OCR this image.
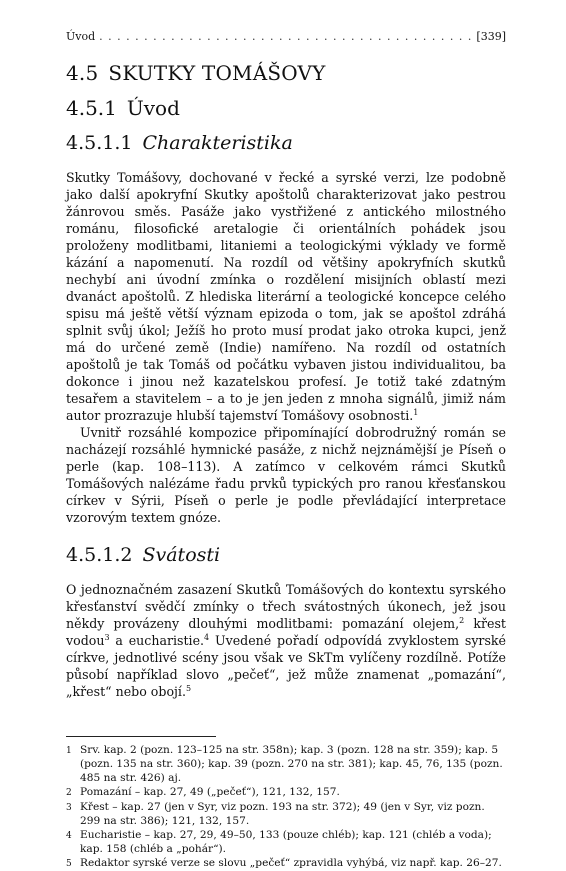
Úvod
. . .	[339]
4.5 SKUTKY TOMÁŠOVY
4.5.1 Úvod
4.5.1.1 Charakteristika

Skutky Tomášovy, dochované v řecké a syrské verzi, lze podobně jako další apokryfní Skutky apoštolů charakterizovat jako pestrou žánrovou směs. Pasáže jako vystřižené z antického milostného románu, filosofické aretalogie či orientálních pohádek jsou proloženy modlitbami, litaniemi a teologickými výklady ve formě kázání a napomenutí. Na rozdíl od většiny apokryfních skutků nechybí ani úvodní zmínka o rozdělení misijních oblastí mezi dvanáct apoštolů. Z hlediska literární a teologické koncepce celého spisu má ještě větší význam epizoda o tom, jak se apoštol zdráhá splnit svůj úkol; Ježíš ho proto musí prodat jako otroka kupci, jenž má do určené země (Indie) namířeno. Na rozdíl od ostatních apoštolů je tak Tomáš od počátku vybaven jistou individualitou, ba dokonce i jinou než kazatelskou profesí. Je totiž také zdatným tesařem a stavitelem – a to je jen jeden z mnoha signálů, jimiž nám autor prozrazuje hlubší tajemství Tomášovy osobnosti.$^1$

Uvnitř rozsáhlé kompozice připomínající dobrodružný román se nacházejí rozsáhlé hymnické pasáže, z nichž nejznámější je Píseň o perle (kap. 108–113). A zatímco v celkovém rámci Skutků Tomášových nalézáme řadu prvků typických pro ranou křesťanskou církev v Sýrii, Píseň o perle je podle převládající interpretace vzorovým textem gnóze.

4.5.1.2 Svátosti

O jednoznačném zasazení Skutků Tomášových do kontextu syrského křesťanství svědčí zmínky o třech svátostných úkonech, jež jsou někdy provázeny dlouhými modlitbami: pomazání olejem,$^2$ křest vodou$^3$ a eucharistie.$^4$ Uvedené pořadí odpovídá zvyklostem syrské církve, jednotlivé scény jsou však ve SkTm vylíčeny rozdílně. Potíže působí například slovo „pečeť“, jež může znamenat „pomazání“, „křest“ nebo obojí.$^5$

1 Srv. kap. 2 (pozn. 123–125 na str. 358n); kap. 3 (pozn. 128 na str. 359); kap. 5 (pozn. 135 na str. 360); kap. 39 (pozn. 270 na str. 381); kap. 45, 76, 135 (pozn. 485 na str. 426) aj.
2 Pomazání – kap. 27, 49 („pečeť“), 121, 132, 157.
3 Křest – kap. 27 (jen v Syr, viz pozn. 193 na str. 372); 49 (jen v Syr, viz pozn. 299 na str. 386); 121, 132, 157.
4 Eucharistie – kap. 27, 29, 49–50, 133 (pouze chléb); kap. 121 (chléb a voda); kap. 158 (chléb a „pohár“).
5 Redaktor syrské verze se slovu „pečeť“ zpravidla vyhýbá, viz např. kap. 26–27.
